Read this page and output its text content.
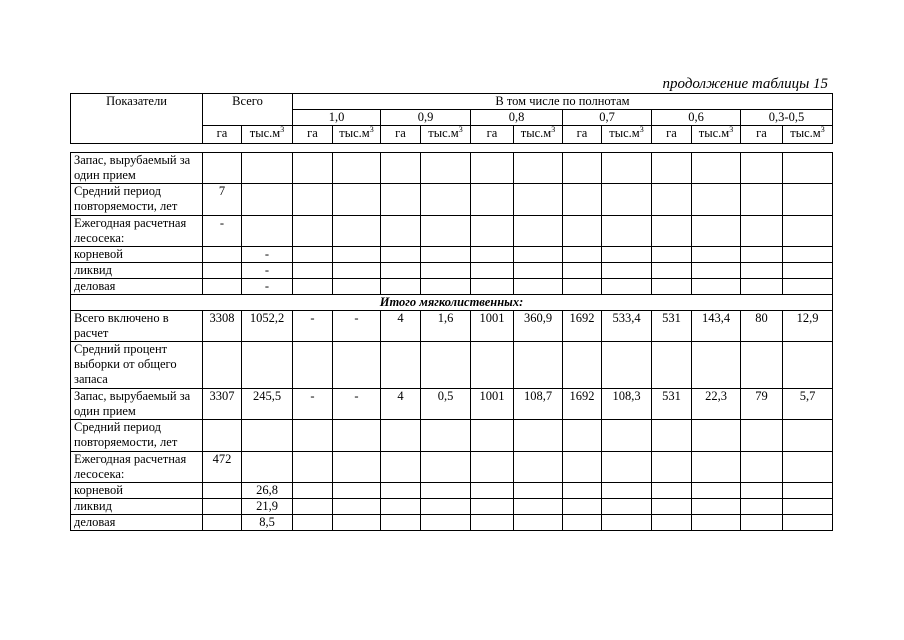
продолжение таблицы 15
Показатели	Всего		В том числе по полнотам											
			1,0		0,9		0,8		0,7		0,6		0,3-0,5	
	га	$тыс.м^3$	га	$тыс.м^3$	га	$тыс.м^3$	га	$тыс.м^3$	га	$тыс.м^3$	га	$тыс.м^3$	га	$тыс.м^3$

Запас, вырубаемый за один прием														
Средний период повторяемости, лет	7													
Ежегодная расчетная лесосека:	-													
корневой		-												
ликвид		-												
деловая		-												
Итого мягколиственных:														
Всего включено в расчет	3308	1052,2	-	-	4	1,6	1001	360,9	1692	533,4	531	143,4	80	12,9
Средний процент выборки от общего запаса														
Запас, вырубаемый за один прием	3307	245,5	-	-	4	0,5	1001	108,7	1692	108,3	531	22,3	79	5,7
Средний период повторяемости, лет														
Ежегодная расчетная лесосека:	472													
корневой		26,8												
ликвид		21,9												
деловая		8,5												
